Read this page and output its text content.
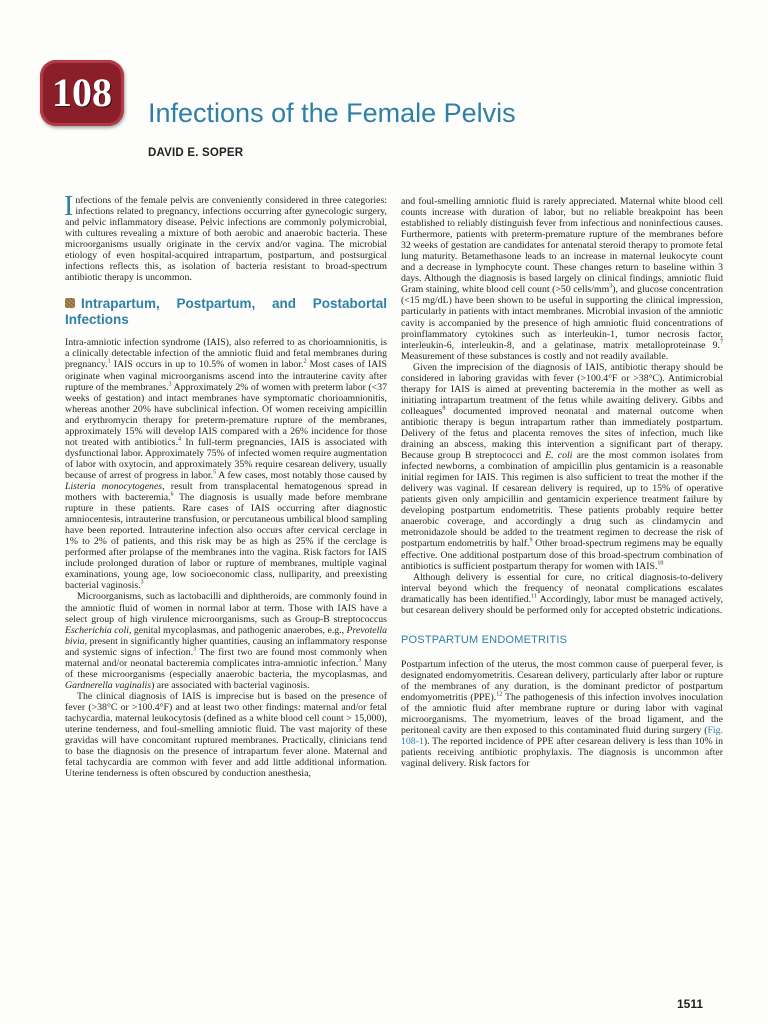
108	Infections of the Female Pelvis
DAVID E. SOPER

Infections of the female pelvis are conveniently considered in three categories: infections related to pregnancy, infections occurring after gynecologic surgery, and pelvic inflammatory disease. Pelvic infections are commonly polymicrobial, with cultures revealing a mixture of both aerobic and anaerobic bacteria. These microorganisms usually originate in the cervix and/or vagina. The microbial etiology of even hospital-acquired intrapartum, postpartum, and postsurgical infections reflects this, as isolation of bacteria resistant to broad-spectrum antibiotic therapy is uncommon.

Intrapartum, Postpartum, and Postabortal Infections

Intra-amniotic infection syndrome (IAIS), also referred to as chorioamnionitis, is a clinically detectable infection of the amniotic fluid and fetal membranes during pregnancy.$^1$ IAIS occurs in up to 10.5% of women in labor.$^2$ Most cases of IAIS originate when vaginal microorganisms ascend into the intrauterine cavity after rupture of the membranes.$^3$ Approximately 2% of women with preterm labor (<37 weeks of gestation) and intact membranes have symptomatic chorioamnionitis, whereas another 20% have subclinical infection. Of women receiving ampicillin and erythromycin therapy for preterm-premature rupture of the membranes, approximately 15% will develop IAIS compared with a 26% incidence for those not treated with antibiotics.$^4$ In full-term pregnancies, IAIS is associated with dysfunctional labor. Approximately 75% of infected women require augmentation of labor with oxytocin, and approximately 35% require cesarean delivery, usually because of arrest of progress in labor.$^5$ A few cases, most notably those caused by Listeria monocytogenes, result from transplacental hematogenous spread in mothers with bacteremia.$^6$ The diagnosis is usually made before membrane rupture in these patients. Rare cases of IAIS occurring after diagnostic amniocentesis, intrauterine transfusion, or percutaneous umbilical blood sampling have been reported. Intrauterine infection also occurs after cervical cerclage in 1% to 2% of patients, and this risk may be as high as 25% if the cerclage is performed after prolapse of the membranes into the vagina. Risk factors for IAIS include prolonged duration of labor or rupture of membranes, multiple vaginal examinations, young age, low socioeconomic class, nulliparity, and preexisting bacterial vaginosis.$^3$

Microorganisms, such as lactobacilli and diphtheroids, are commonly found in the amniotic fluid of women in normal labor at term. Those with IAIS have a select group of high virulence microorganisms, such as Group-B streptococcus Escherichia coli, genital mycoplasmas, and pathogenic anaerobes, e.g., Prevotella bivia, present in significantly higher quantities, causing an inflammatory response and systemic signs of infection.$^3$ The first two are found most commonly when maternal and/or neonatal bacteremia complicates intra-amniotic infection.$^3$ Many of these microorganisms (especially anaerobic bacteria, the mycoplasmas, and Gardnerella vaginalis) are associated with bacterial vaginosis.

The clinical diagnosis of IAIS is imprecise but is based on the presence of fever (>38°C or >100.4°F) and at least two other findings: maternal and/or fetal tachycardia, maternal leukocytosis (defined as a white blood cell count > 15,000), uterine tenderness, and foul-smelling amniotic fluid. The vast majority of these gravidas will have concomitant ruptured membranes. Practically, clinicians tend to base the diagnosis on the presence of intrapartum fever alone. Maternal and fetal tachycardia are common with fever and add little additional information. Uterine tenderness is often obscured by conduction anesthesia,

and foul-smelling amniotic fluid is rarely appreciated. Maternal white blood cell counts increase with duration of labor, but no reliable breakpoint has been established to reliably distinguish fever from infectious and noninfectious causes. Furthermore, patients with preterm-premature rupture of the membranes before 32 weeks of gestation are candidates for antenatal steroid therapy to promote fetal lung maturity. Betamethasone leads to an increase in maternal leukocyte count and a decrease in lymphocyte count. These changes return to baseline within 3 days. Although the diagnosis is based largely on clinical findings, amniotic fluid Gram staining, white blood cell count (>50 cells/$mm^3$), and glucose concentration (<15 mg/dL) have been shown to be useful in supporting the clinical impression, particularly in patients with intact membranes. Microbial invasion of the amniotic cavity is accompanied by the presence of high amniotic fluid concentrations of proinflammatory cytokines such as interleukin-1, tumor necrosis factor, interleukin-6, interleukin-8, and a gelatinase, matrix metalloproteinase 9.$^7$ Measurement of these substances is costly and not readily available.

Given the imprecision of the diagnosis of IAIS, antibiotic therapy should be considered in laboring gravidas with fever (>100.4°F or >38°C). Antimicrobial therapy for IAIS is aimed at preventing bacteremia in the mother as well as initiating intrapartum treatment of the fetus while awaiting delivery. Gibbs and colleagues$^8$ documented improved neonatal and maternal outcome when antibiotic therapy is begun intrapartum rather than immediately postpartum. Delivery of the fetus and placenta removes the sites of infection, much like draining an abscess, making this intervention a significant part of therapy. Because group B streptococci and E. coli are the most common isolates from infected newborns, a combination of ampicillin plus gentamicin is a reasonable initial regimen for IAIS. This regimen is also sufficient to treat the mother if the delivery was vaginal. If cesarean delivery is required, up to 15% of operative patients given only ampicillin and gentamicin experience treatment failure by developing postpartum endometritis. These patients probably require better anaerobic coverage, and accordingly a drug such as clindamycin and metronidazole should be added to the treatment regimen to decrease the risk of postpartum endometritis by half.$^9$ Other broad-spectrum regimens may be equally effective. One additional postpartum dose of this broad-spectrum combination of antibiotics is sufficient postpartum therapy for women with IAIS.$^{10}$

Although delivery is essential for cure, no critical diagnosis-to-delivery interval beyond which the frequency of neonatal complications escalates dramatically has been identified.$^{11}$ Accordingly, labor must be managed actively, but cesarean delivery should be performed only for accepted obstetric indications.

POSTPARTUM ENDOMETRITIS

Postpartum infection of the uterus, the most common cause of puerperal fever, is designated endomyometritis. Cesarean delivery, particularly after labor or rupture of the membranes of any duration, is the dominant predictor of postpartum endomyometritis (PPE).$^{12}$ The pathogenesis of this infection involves inoculation of the amniotic fluid after membrane rupture or during labor with vaginal microorganisms. The myometrium, leaves of the broad ligament, and the peritoneal cavity are then exposed to this contaminated fluid during surgery (Fig. 108-1). The reported incidence of PPE after cesarean delivery is less than 10% in patients receiving antibiotic prophylaxis. The diagnosis is uncommon after vaginal delivery. Risk factors for

1511
